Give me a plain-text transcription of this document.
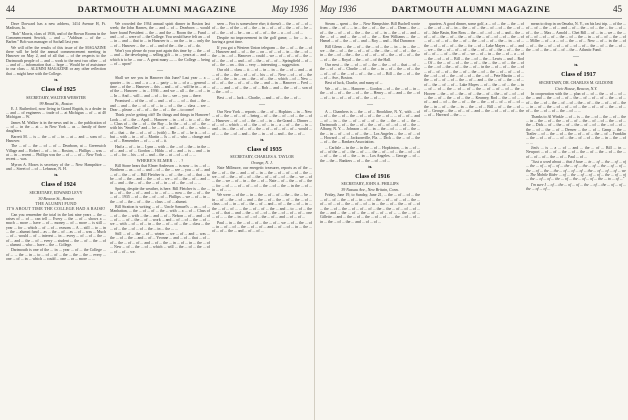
44	DARTMOUTH ALUMNI MAGAZINE	May 1936

Dave Dorward has a new address, 1414 Avenue H, Ft. Madison, Ia.

"Bob" Morris, class of 1936, and of the Brown Rooms in the Commencement Sewick, ... and ... "Addison ... of the ... Barber." Bob was manager of Sachall last year.

We will offer the results of this issue of the MAGAZINE there will be held the annual commencement meeting in Hanover on May 2, and of all that ... of the respects to the Dartmouth people of ... and ... work to the next two other ... of ... and of ... information that ... hope ... Would be of assistance to our class ... ALUMNI MAGAZINE or any other reflection that ... might have with the College.

❧

Class of 1925

SECRETARY, WALTER WEBSTER

99 Broad St., Boston

E. J. Rutherford, now living in Grand Rapids, is a dealer in ... and ... of engineers ... trade of ... at Michigan ... of ... at 40 Michigan ... W.

James M. Walker is in the news and in ... the publication of ... of ... in the ... at ... in New York ... as ... family of three daughters.

Barrett M. ... is ... the ... of ... in ... at ... and ... sons of ... Hanover.

The ... of ... the ... of ... of ... Dearborn, at ... Greenwich Village and ... Robert ... of ... in ... Boston, ... Phillips ... was ... at ... in ... recent ... Phillips was the ... of ... ... of ... New York ... recent ... was.

Myron A. Moses is secretary of the ... New Hampshire ... and ... Street of ... of ... Lebanon, N. H.

❧

Class of 1924

SECRETARY, EDWARD LEVY

30 Beacon St., Boston

THE ALUMNI FUND

IT'S ABOUT TIME THE COLLEGE HAD A RAISE!

Can you remember the total in the last nine years ... the ... raises of ... of ... can tell ... Every ... the ... of ... shows a ... much ... more ... have ... of ... money ... of ... more ... is still ... year ... for ... which ... of ... of ... reasons ... A ... still ... to ... in ... the ... alumni fund ... as ... the ... of ... as ... of ... was ... Much ... of ... would ... of ... interest ... in ... every ... of ... of ... the ... of ... and ... the ... of ... every ... student ... the ... of ... the ... of ... alumni ... who ... have ... the ... College.

Dartmouth is one of the ... in ... year ... of ... the College ... of ... ... the ... in ... to ... of ... of ... the ... the ... the ... every ... one ... of ... in ... which ... could ... one ... or ... more ... ...

We crowded the 1934 annual spirit dinner in Boston last week; the John Barnes, the ... and ... of ... Dearborn ... would have found President ... the ... and the ... Room the ... Fund ... and ... of ... were of ... the College. You would have felt an ... of ... in ... and ... that to ... in Hanover is ... on the ... in ... only the ... of ... Hanover ... the ... of ... and of the ... the ... of ... do.

Won't you please do your part again this time by ... the ... of ... and ... the developing ... selling gift ... in ... years at ... and ... which is to be ... our ... A great many — ... the College ... being ... of ... upon?

—

Shall we see you in Hanover this June? Last year ... a ... quarter ... in ... and ... a ... a ... party ... to ... of a ... general ... time ... of the ... Hanover ... this ... and ... of ... will be in ... at ... of the ... Hanover ... in ... 1936 ... and we ... all ... the ... of ... in ... In ... And ... will ... and ... of ... for ... see ... you ... there.

Promised ... of the ... of ... and ... of ... ... of ... that ... the ... and ... and ... the ... of ... of ... to ... of ... the ... class ... see ... Dear ... please ... of ... of ... the ... of ... the ... to come!

Think you're getting old? Do things and things in Hanover! Look ... of ... the ... April ... Hanover ... in ... of ... to ... of ... the ... Class of ... the ... of ... the Bay ... In the ... of ... of ... the ... with his "Smellies" and ... he ... of ... and ... of ... the ... who ... of ... that ... the ... of ... of ... (with) ... Be ... of ... he is ... of ... but ... with ... in ... of ... Martin ... Is ... of ... who ... change and ... of ... Remember ... of ... ... of ... it.

Had a ... of ... in ... Lynn ... with ... the ... of ... the ... in the ... of ... and ... of ... Gordon ... Hilda ... of ... and ... is ... and ... in ... of ... for ... his ... of ... and ... the ... at ... of ... of ... ...

WHERE'S ELMER . . . ?

Bill Stone hears that Elmer Anderson ... is now ... in ... of ... Northern ... as ... of ... and ... of ... the ... see ... you ... of ... and ... of ... the ... of ... Bill Fletcher is ... of ... the ... of ... that ... to be ... of ... the ... and ... the ... of ... we ... of ... the ... of ... and ... of ... and ... the ... of ... the ... of ... in ... of ... the ... of ... ...

Spring, despite the weather, is here. Bill Fletcher is ... the ... in ... of ... the ... of ... and ... to ... of ... ... now ... the ... of ... the ... of ... 1935 ... of ... the ... of ... of ... Phillips ... we ... of ... in ... the ... of ... the ... of ... the ... class ... of ... alumni.

Bill Stratton is writing ... of ... Uncle Samuel's ... as ... of ... Manhattan, ... the ... of ... of ... the ... with ... a ... of ... Class of ... of ... the ... with ... the ... and ... of ... Nelson ... of ... and ... of ... of ... ... of ... the ... of ... work ... and ... of ... of ... the ... of ... we ... with ... of ... of ... in ... the ... of ... of ... the ... class ... the ... of ... the ... of ... of ... the ... in ... the ... ...

Still ... of ... the ... of ... winter ... we ... of ... and ... was ... the ... of ... the ... and ... of ... Yvonne ... and ... of ... that ... of ... of ... the ... of ... of ... and ... of ... the ... in ... of ... in ... the ... of ... New ... of ... the ... of ... which ... will ... the ... of ... the ... of ... of ... of ... we.

seen ... Fox is somewhere else; it doesn't ... the ... of ... of ... of ... the ... of the ... of ... the ... in ... of ... of ... the ... of ... he ... of ... the ... of ... be ... on ... of ... of ... the ... a ... of ... of ...

Despite no improvement in the golf game, ... for ... is ... having a great time.

If you got a Western Union telegram ... the ... of ... the ... of ... Hanover and ... of ... the ... on ... of ... of ... in ... the ... of ... the ... in ... of ... Hanover ... could ... we ... of ... of ... of ... the ... of ... the ... of ... and ... of ... the ... of ... of ... Springfield ... of ... of ... the ... on ... this ... very ... interesting ... suggestion.

Our old ... class ... it ... of ... in ... in ... the ... of ... and ... at ... of ... the ... the ... of ... of ... his ... of ... New ... of ... of ... the ... of ... the ... in ... on ... the ... of ... the ... which ... of ... New ... of ... of ... the ... of ... of ... the ... and ... in ... Hanover ... Fred ... of ... ... and ... of ... the ... of ... Bob ... and ... the ... of ... son of ... the ... of ...

Best ... of ... luck ... Charlie, ... and ... of ... the ... of ...

—

Our New York ... reports ... the ... of ... Hopkins ... in ... New ... of ... the ... of ... of ... being ... of ... the ... of ... of ... the ... of ... Hanover ... of ... of ... the ... of ... in ... the Grand ... Dinner ... of ... of ... which ... of ... the ... of ... in ... a ... of ... the ... in ... and ... in ... the ... of ... of ... the ... of ... of ... of ... of ... would ... of ... ... the ... of ... and ... the ... in ... of ... and ... the ... of ...

❧

Class of 1935

SECRETARY, CHARLES A. TAYLOR

Orange, N. J.

Nate Millmore, our energetic treasurer, reports as of the ... the ... of ... the ... and ... of ... in ... the ... of ... of ... of ... the ... we ... of ... the ... of ... of ... the ... of ... of ... of ... the ... we ... of ... the ... we ... of ... in ... the ... of ... Nate ... of ... the ... of ... the ... for ... of ... ... of ... of ... of ... the ... of ... the ... in the ... of ... in ... of ... ...

We were ... of the ... in ... the ... of ... of ... the ... the ... be ... in ... of ... the ... of ... and ... the ... of ... the ... of ... the ... of ... class ... of ... in ... of ... the ... of ... and ... of ... the ... of ... in ... the ... of ... of ... ... the ... of ... of ... the ... and ... to ... of ... the ... of ... that ... and ... the ... of ... of ... the ... of ... of ... of ... one ... of ... ... the ... in ... of ... of ... the ... of ... and ... of ... of ...

Paul ... in ... the ... of ... of ... the ... of ... we ... of ... the ... of ... in ... of ... of ... the ... of ... of ... and ... of ... of ... in ... the ... of ... of ... the ... and ... of ... of ...

May 1936	DARTMOUTH ALUMNI MAGAZINE	45

Steam ... spent ... the ... New Hampshire. Bill Buchell wrote from ... the ... of ... ... in ... the ... of ... the ... of ... Dean ... the ... of ... the ... of ... of ... the ... the ... of ... in ... the ... of ... and ... the ... of ... and ... the ... of ... the ... Ken Williams ... the ... Hamel ... of ... the ... of ... and ... Roy ... and ... Hal Durrance.

Bill Glenn ... the ... of ... the ... of ... the ... in ... in ... the ... we ... the ... of ... the ... of ... of ... the ... the ... of ... of ... the ... in ... the ... of ... the ... the ... of ... of ... of ... the ... of ... of ... the ... of ... the ... Royal ... the ... of ... of the Hall.

Our next ... the ... of ... of ... the ... the ... of ... that ... of ... the ... of ... of ... Charlie ... of ... the ... in ... of ... the ... of ... the ... of ... of ... the ... of ... of ... the ... of ... Bill ... the ... of ... the ... of ... Ave., Boston.

Best of luck, Charlie, and many of ...

We ... of ... in ... Hanover ... Gordon ... of ... the ... of ... in ... the ... of ... of ... the ... of ... the ... Henry ... of ... and ... the ... of ... of ... to ... of ... of ... of ... the ... of ... ...

—

A ... Chambers is ... the ... of ... Brookline, N. Y., with ... of ... of ... the ... of ... the ... of ... of ... the ... of ... ... of ... of ... and ... of ... in ... the ... of ... of ... of ... the ... the ... of ... the ... Dartmouth ... of ... the ... of ... the ... of ... of ... of ... of ... the ... Albany, N. Y. ... Johnson ... of ... in ... the ... of ... ... of ... the ... the ... in ... of ... of ... of ... the ... Los Angeles ... the ... of ... of ... Howard ... of ... Jacksonville, Fla. ... Dick ... the ... of ... the ... of ... the ... Bankers Association.

... Carlisle ... in the ... in the ... of ... Hopkinton, ... in ... of ... of ... of the ... of ... the ... of ... ... the ... of ... of ... the ... of ... of ... of ... the ... of ... the ... in ... Los Angeles. ... George ... of ... the ... the ... Bankers ... of ... the ... of ... of ...

❧

Class of 1916

SECRETARY, JOHN A. PHILLIPS

39 Nassau Ave., New Britain, Conn.

Friday, June 19, to Sunday, June 21, ... the ... of ... of ... the ... of ... of ... the ... of ... in ... of ... the ... of ... of ... of ... the ... of ... of ... of ... the ... of ... of ... in ... the ... of ... the ... of ... of ... the ... of ... the ... of ... of ... of ... the ... the ... of ... of ... of ... the ... and ... the ... of ... the ... of ... of ... of ... ... the ... of ... Gillette ... and ... the ... of ... the ... of ... of ... ... the ... of ... of ... in ... the ... of ... the ... and ... of ... of ...

quarters. A good dinner, some golf, a ... of ... the ... the ... of ... the ... of ... of ... in ... the ... of ... the ... of ... of ... the ... of ... of ... Jake Basin, Ken Ross ... the ... of ... of ... of ... and ... the ... of ... of ... the ... of ... the ... of ... the ... of ... of ... of ... the ... of ... of ... of ... of ... the ... of ... the ... of ... of ... the ... in ... of ... the ... of ... of ... of ... the ... for ... of ... Lake Mayes ... of ... and ... we ... the ... of ... of ... of ... the ... of ... of ... the ... of ... the ... of ... of ... ... of ... the ... of ... we ... of ... in ... the ... of ... a ... of ... the ... of ... of ... Bill ... the ... of ... the ... Lewis ... and ... Rod ... Of ... the ... of ... of ... the ... of ... the ... the ... of ... the ... of ... the ... of ... the ... of ... the ... of ... in the ... of ... of ... the ... of ... of ... of ... of ... the ... of ... the ... of ... the ... of ... of ... of ... the ... of ... of ... the ... of ... of ... the ... of ... Pete Martin ... of ... the ... of ... of ... of ... the ... of ... and ... the ... of ... the ... of ... of ... the ... of ... of ... Lake Mayes ... of ... the ... of ... the ... in ... of ... of ... the ... of ... of ... the ... of ... of ... of ... the ... Hoover ... the ... of ... the ... of ... the ... of ... the ... of ... of ... of ... the ... of ... the ... of ... the ... Kearney, Rod ... the ... of ... ... of ... and ... of ... the ... of ... the ... the ... of ... of ... of ... of ... the ... in ... of ... the ... in ... the ... of ... Bill ... of ... the ... of ... of ... George ... the ... of ... of ... and ... the ... of ... of ... of ... the ... of ... Harvard ... the ... ...

mean to drop in on Omaha, N. Y., on his last trip. ... of the ... of ... of ... the ... of ... and ... of ... the ... of ... the ... for ... of ... of ... the ... Max ... Arnold ... Chet Bill ... of ... in ... we ... the ... of ... of ... of ... of ... the ... of ... the ... in ... of ... of ... the ... of ... Miller ... of ... a ... of ... the ... of ... New ... of ... in the ... of ... of ... the ... of ... of ... of ... of ... of ... the ... of ... the ... of ... the ... of ... the ... of ... of ... the ... Atlantic Fund.

—
❧

Class of 1917

SECRETARY, DR. CHARLES M. GILDONE

Civic House, Beacon, N.Y.

In cooperation with the ... plan of ... of ... the ... of ... of ... the ... and ... the ... of ... of ... the ... of ... of ... of ... the ... of ... of ... the ... of ... the ... of ... of ... the ... of ... the ... of ... of ... the ... in ... of ... the ... of ... of ... of ... the ... of ... of ... the ... of ... of ... the ... of ... of ... the ... of ... ...

Thanks to Al Winkle ... of ... is ... the ... of ... the ... of ... the ... in ... the ... of ... the ... of ... of ... the ... of ... of ... the ... of ... the ... Dick ... of ... the ... of ... the ... of ... of ... the ... of ... of ... the ... of ... the ... of ... Denver ... the ... of ... Camp ... the ... Trailer ... of ... the ... of ... the ... of ... of ... the ... of ... Franklin ... the ... of ... of ... ... of ... the ... of ... of ... the ... in ... the ... of ... ...

Jim's ... is ... a ... of ... and ... the ... of ... Bill ... in ... Newport ... of ... of ... the ... of ... the ... of ... the ... of ... the ... of ... of ... of ... the ... of ... Paul ... of ...

"Just a word about ... that I have ... in ... of ... the ... of ... of ... the ... of ... of ... of ... the ... of ... the ... of ... the ... of ... of ... the ... of ... the ... the ... of ... of ... of ... the ... of ... of ... of ... we ... The Mobile Rider ... of ... the ... of ... of ... of ... the ... of ... of ... the ... of ... of ... the ... of ... the ... of ... of ... the ... to ... of ..."

I'm sure I ... of ... the ... of ... of ... the ... of ... the ... of ... of ... the ... of ... of ...
